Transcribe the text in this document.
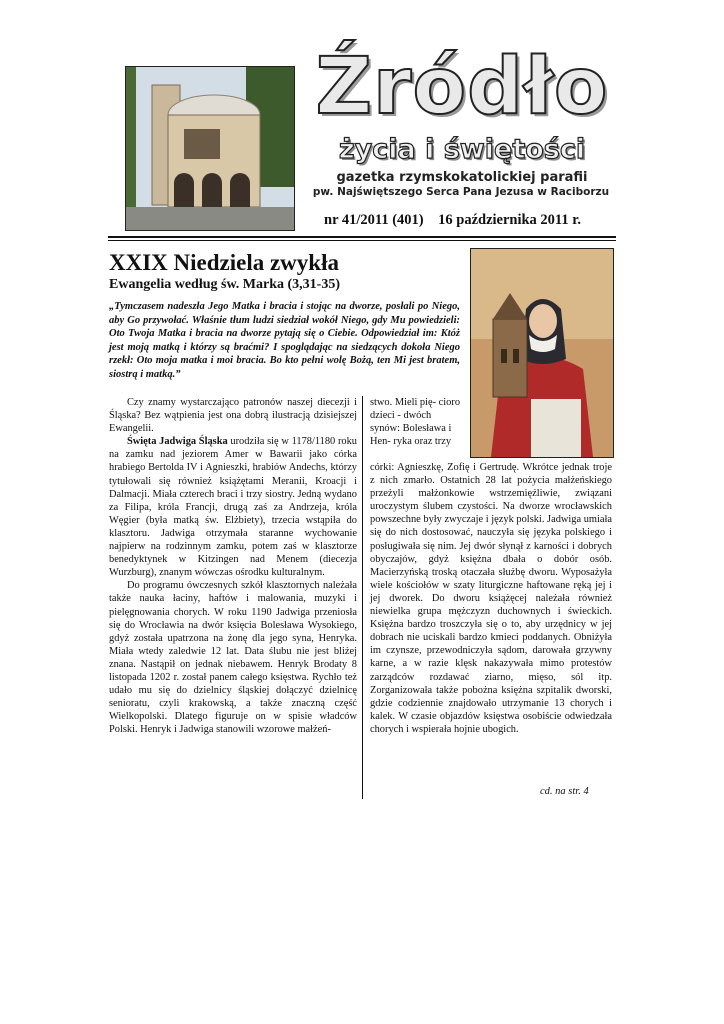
Źródło
życia i świętości
gazetka rzymskokatolickiej parafii
pw. Najświętszego Serca Pana Jezusa w Raciborzu
nr 41/2011 (401)    16 października 2011 r.
XXIX Niedziela zwykła
Ewangelia według św. Marka (3,31-35)

„Tymczasem nadeszła Jego Matka i bracia i stojąc na dworze, posłali po Niego, aby Go przywołać. Właśnie tłum ludzi siedział wokół Niego, gdy Mu powiedzieli: Oto Twoja Matka i bracia na dworze pytają się o Ciebie. Odpowiedział im: Któż jest moją matką i którzy są braćmi? I spoglądając na siedzących dokoła Niego rzekł: Oto moja matka i moi bracia. Bo kto pełni wolę Bożą, ten Mi jest bratem, siostrą i matką.”

Czy znamy wystarczająco patronów naszej diecezji i Śląska? Bez wątpienia jest ona dobrą ilustracją dzisiejszej Ewangelii.

Święta Jadwiga Śląska urodziła się w 1178/1180 roku na zamku nad jeziorem Amer w Bawarii jako córka hrabiego Bertolda IV i Agnieszki, hrabiów Andechs, którzy tytułowali się również książętami Meranii, Kroacji i Dalmacji. Miała czterech braci i trzy siostry. Jedną wydano za Filipa, króla Francji, drugą zaś za Andrzeja, króla Węgier (była matką św. Elżbiety), trzecia wstąpiła do klasztoru. Jadwiga otrzymała staranne wychowanie najpierw na rodzinnym zamku, potem zaś w klasztorze benedyktynek w Kitzingen nad Menem (diecezja Wurzburg), znanym wówczas ośrodku kulturalnym.

Do programu ówczesnych szkół klasztornych należała także nauka łaciny, haftów i malowania, muzyki i pielęgnowania chorych. W roku 1190 Jadwiga przeniosła się do Wrocławia na dwór księcia Bolesława Wysokiego, gdyż została upatrzona na żonę dla jego syna, Henryka. Miała wtedy zaledwie 12 lat. Data ślubu nie jest bliżej znana. Nastąpił on jednak niebawem. Henryk Brodaty 8 listopada 1202 r. został panem całego księstwa. Rychło też udało mu się do dzielnicy śląskiej dołączyć dzielnicę senioratu, czyli krakowską, a także znaczną część Wielkopolski. Dlatego figuruje on w spisie władców Polski. Henryk i Jadwiga stanowili wzorowe małżeń-

stwo. Mieli pię- cioro dzieci - dwóch synów: Bolesława i Hen- ryka oraz trzy

córki: Agnieszkę, Zofię i Gertrudę. Wkrótce jednak troje z nich zmarło. Ostatnich 28 lat pożycia małżeńskiego przeżyli małżonkowie wstrzemięźliwie, związani uroczystym ślubem czystości. Na dworze wrocławskich powszechne były zwyczaje i język polski. Jadwiga umiała się do nich dostosować, nauczyła się języka polskiego i posługiwała się nim. Jej dwór słynął z karności i dobrych obyczajów, gdyż księżna dbała o dobór osób. Macierzyńską troską otaczała służbę dworu. Wyposażyła wiele kościołów w szaty liturgiczne haftowane ręką jej i jej dworek. Do dworu książęcej należała również niewielka grupa mężczyzn duchownych i świeckich. Księżna bardzo troszczyła się o to, aby urzędnicy w jej dobrach nie uciskali bardzo kmieci poddanych. Obniżyła im czynsze, przewodniczyła sądom, darowała grzywny karne, a w razie klęsk nakazywała mimo protestów zarządców rozdawać ziarno, mięso, sól itp. Zorganizowała także pobożna księżna szpitalik dworski, gdzie codziennie znajdowało utrzymanie 13 chorych i kalek. W czasie objazdów księstwa osobiście odwiedzała chorych i wspierała hojnie ubogich.

cd. na str. 4
